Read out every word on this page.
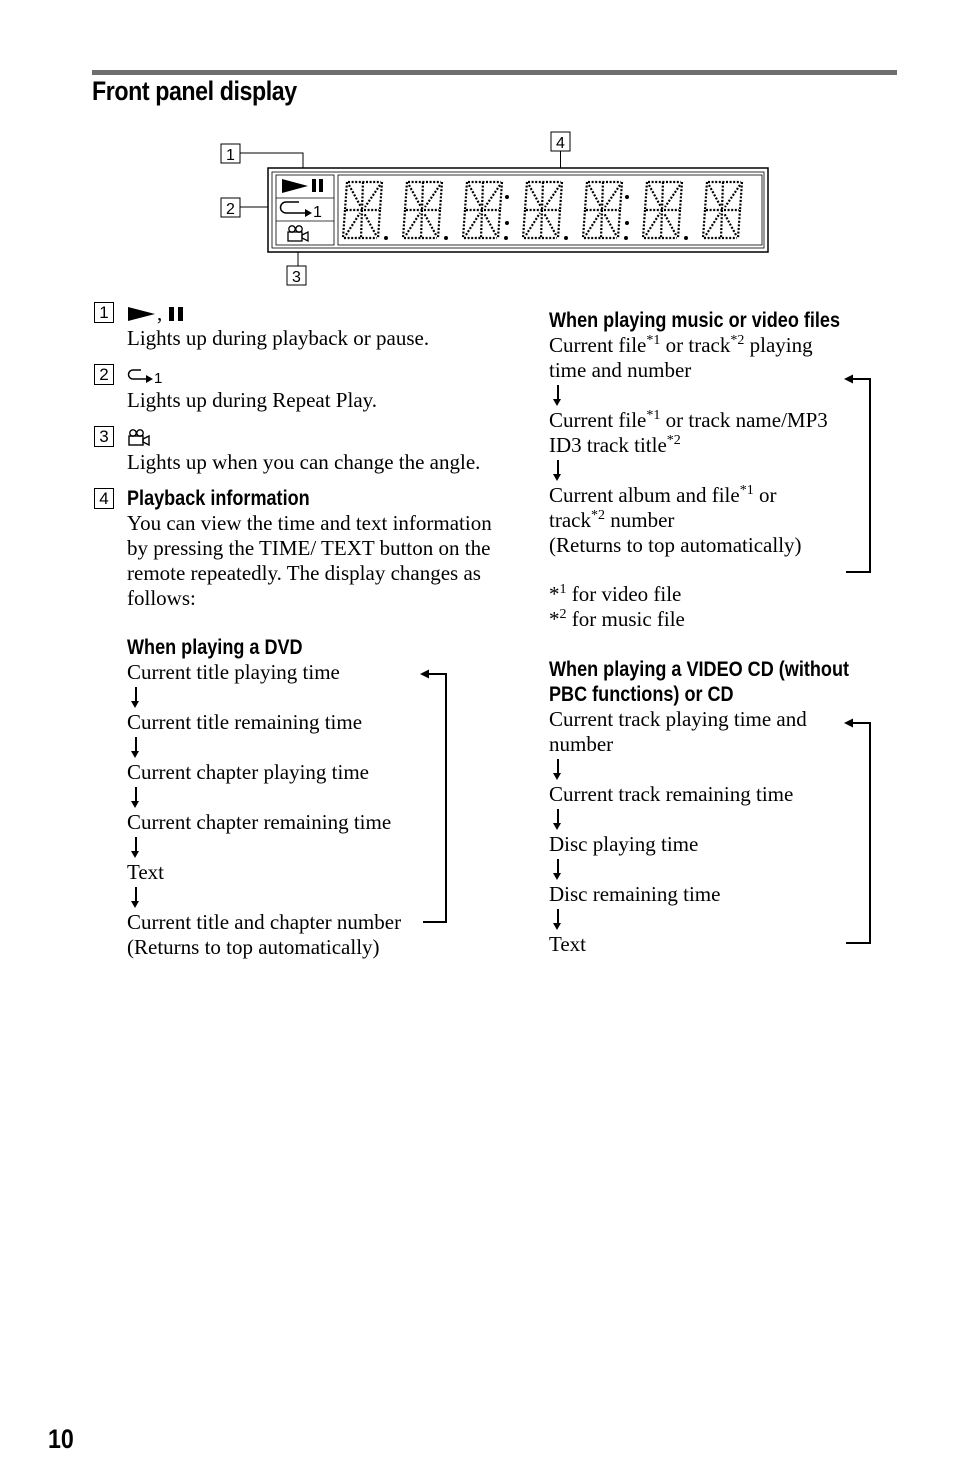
Front panel display
1
2
3
4
1
1 ,

Lights up during playback or pause.

2	1

Lights up during Repeat Play.

3

Lights up when you can change the angle.

4 Playback information

You can view the time and text information by pressing the TIME/ TEXT button on the remote repeatedly. The display changes as follows:

When playing a DVD

Current title playing time

Current title remaining time

Current chapter playing time

Current chapter remaining time

Text

Current title and chapter number

(Returns to top automatically)

When playing music or video files

Current file$^{*1}$ or track$^{*2}$ playing time and number

Current file$^{*1}$ or track name/MP3 ID3 track title$^{*2}$

Current album and file$^{*1}$ or track$^{*2}$ number

(Returns to top automatically)

*$^1$ for video file

*$^2$ for music file

When playing a VIDEO CD (without
PBC functions) or CD

Current track playing time and number

Current track remaining time

Disc playing time

Disc remaining time

Text

10
